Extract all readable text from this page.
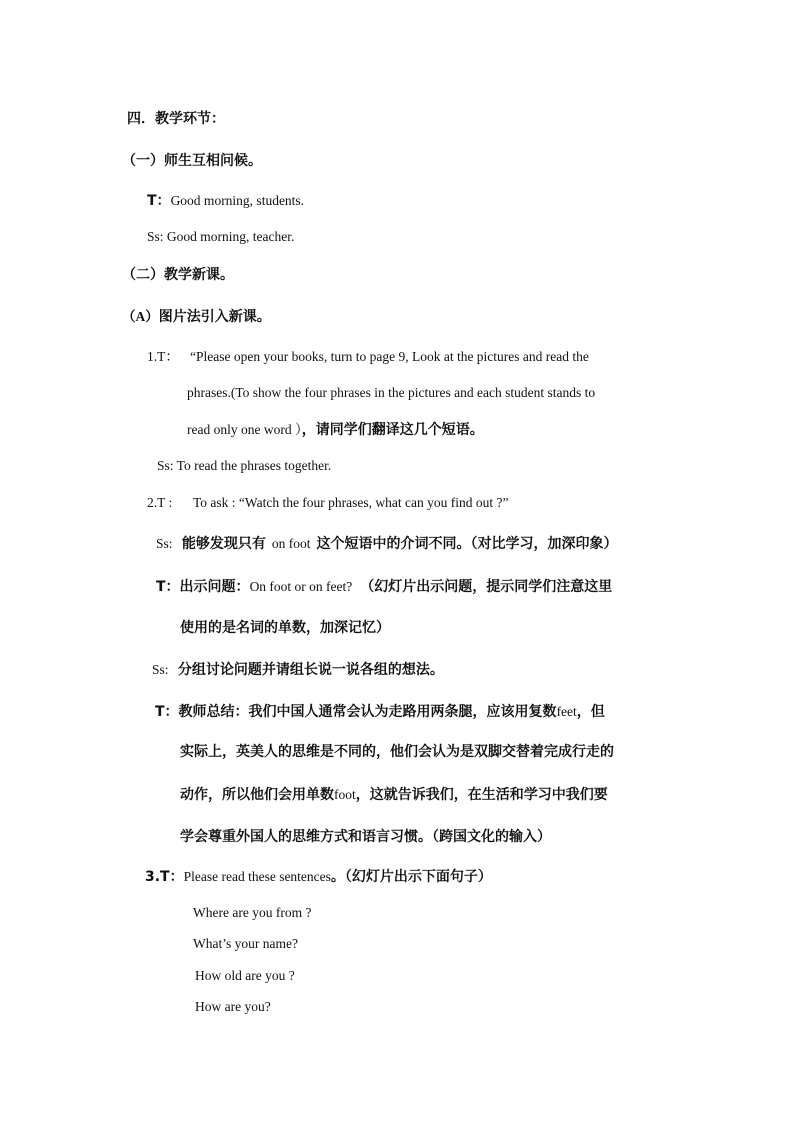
四．教学环节：
（一）师生互相问候。
T：Good morning, students.
Ss: Good morning, teacher.
（二）教学新课。
（A）图片法引入新课。
1.T： “Please open your books, turn to page 9, Look at the pictures and read the
phrases.(To show the four phrases in the pictures and each student stands to
read only one word ），请同学们翻译这几个短语。
Ss: To read the phrases together.
2.T : To ask : “Watch the four phrases, what can you find out ?”
Ss: 能够发现只有 on foot 这个短语中的介词不同。（对比学习，加深印象）
T：出示问题：On foot or on feet? （幻灯片出示问题，提示同学们注意这里
使用的是名词的单数，加深记忆）
Ss: 分组讨论问题并请组长说一说各组的想法。
T：教师总结：我们中国人通常会认为走路用两条腿，应该用复数feet，但
实际上，英美人的思维是不同的，他们会认为是双脚交替着完成行走的
动作，所以他们会用单数foot，这就告诉我们，在生活和学习中我们要
学会尊重外国人的思维方式和语言习惯。（跨国文化的输入）
3.T：Please read these sentences。（幻灯片出示下面句子）
Where are you from ?
What’s your name?
How old are you ?
How are you?
